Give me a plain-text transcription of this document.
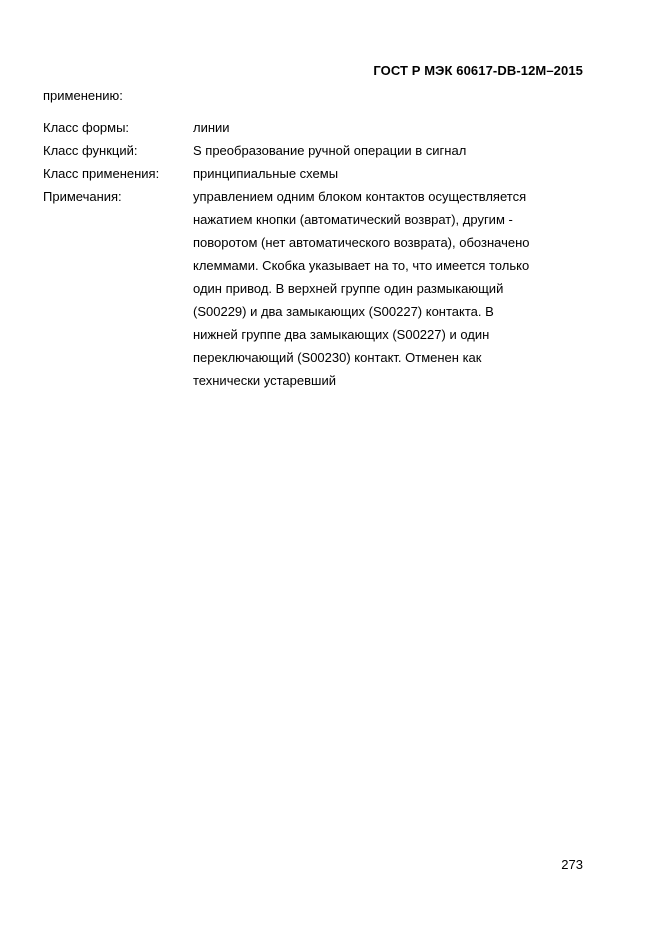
ГОСТ Р МЭК 60617-DB-12M–2015
применению:
Класс формы:	линии
Класс функций:	S преобразование ручной операции в сигнал
Класс применения:	принципиальные схемы
Примечания:	управлением одним блоком контактов осуществляется
нажатием кнопки (автоматический возврат), другим -
поворотом (нет автоматического возврата), обозначено
клеммами. Скобка указывает на то, что имеется только
один привод. В верхней группе один размыкающий
(S00229) и два замыкающих (S00227) контакта. В
нижней группе два замыкающих (S00227) и один
переключающий (S00230) контакт. Отменен как
технически устаревший
273
